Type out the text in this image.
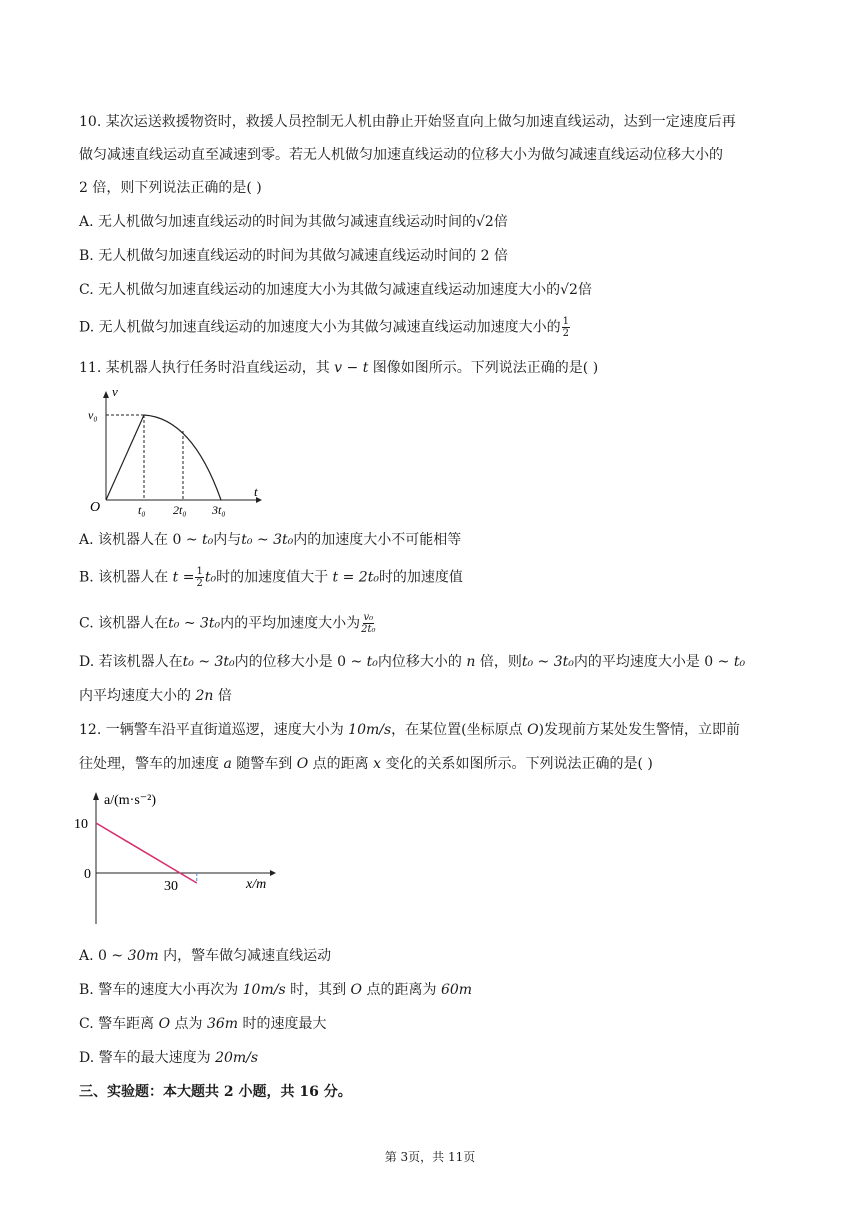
10. 某次运送救援物资时，救援人员控制无人机由静止开始竖直向上做匀加速直线运动，达到一定速度后再
做匀减速直线运动直至减速到零。若无人机做匀加速直线运动的位移大小为做匀减速直线运动位移大小的
2 倍，则下列说法正确的是( )
A. 无人机做匀加速直线运动的时间为其做匀减速直线运动时间的√2倍
B. 无人机做匀加速直线运动的时间为其做匀减速直线运动时间的 2 倍
C. 无人机做匀加速直线运动的加速度大小为其做匀减速直线运动加速度大小的√2倍
D. 无人机做匀加速直线运动的加速度大小为其做匀减速直线运动加速度大小的 $\frac{1}{2}$
11. 某机器人执行任务时沿直线运动，其 v − t 图像如图所示。下列说法正确的是( )
v
t
O
v₀
t₀ 2t₀ 3t₀
A. 该机器人在 0 ~ t₀内与t₀ ~ 3t₀内的加速度大小不可能相等
B. 该机器人在 $t = \frac{1}{2} t_0$时的加速度值大于 t = 2t₀时的加速度值
C. 该机器人在t₀ ~ 3t₀内的平均加速度大小为 $\frac{\text{v₀}}{\text{2t₀}}$
D. 若该机器人在t₀ ~ 3t₀内的位移大小是 0 ~ t₀内位移大小的 n 倍，则t₀ ~ 3t₀内的平均速度大小是 0 ~ t₀
内平均速度大小的 2n 倍
12. 一辆警车沿平直街道巡逻，速度大小为 10m/s，在某位置(坐标原点 O)发现前方某处发生警情，立即前
往处理，警车的加速度 a 随警车到 O 点的距离 x 变化的关系如图所示。下列说法正确的是( )
a/(m·s⁻²)
x/m
10
0
30
A. 0 ~ 30m 内，警车做匀减速直线运动
B. 警车的速度大小再次为 10m/s 时，其到 O 点的距离为 60m
C. 警车距离 O 点为 36m 时的速度最大
D. 警车的最大速度为 20m/s
三、实验题：本大题共 2 小题，共 16 分。
第 3页，共 11页
